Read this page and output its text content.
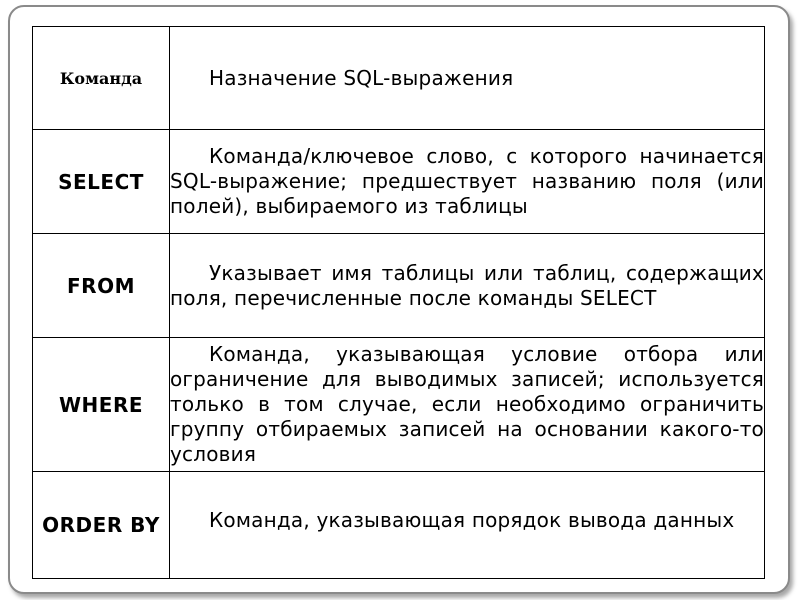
Команда	Назначение SQL-выражения

SELECT	Команда/ключевое слово, с которого начинается SQL-выражение; предшествует названию поля (или полей), выбираемого из таблицы

FROM	Указывает имя таблицы или таблиц, содержащих поля, перечисленные после команды SELECT

WHERE	Команда, указывающая условие отбора или ограничение для выводимых записей; используется только в том случае, если необходимо ограничить группу отбираемых записей на основании какого-то условия

ORDER BY	Команда, указывающая порядок вывода данных
